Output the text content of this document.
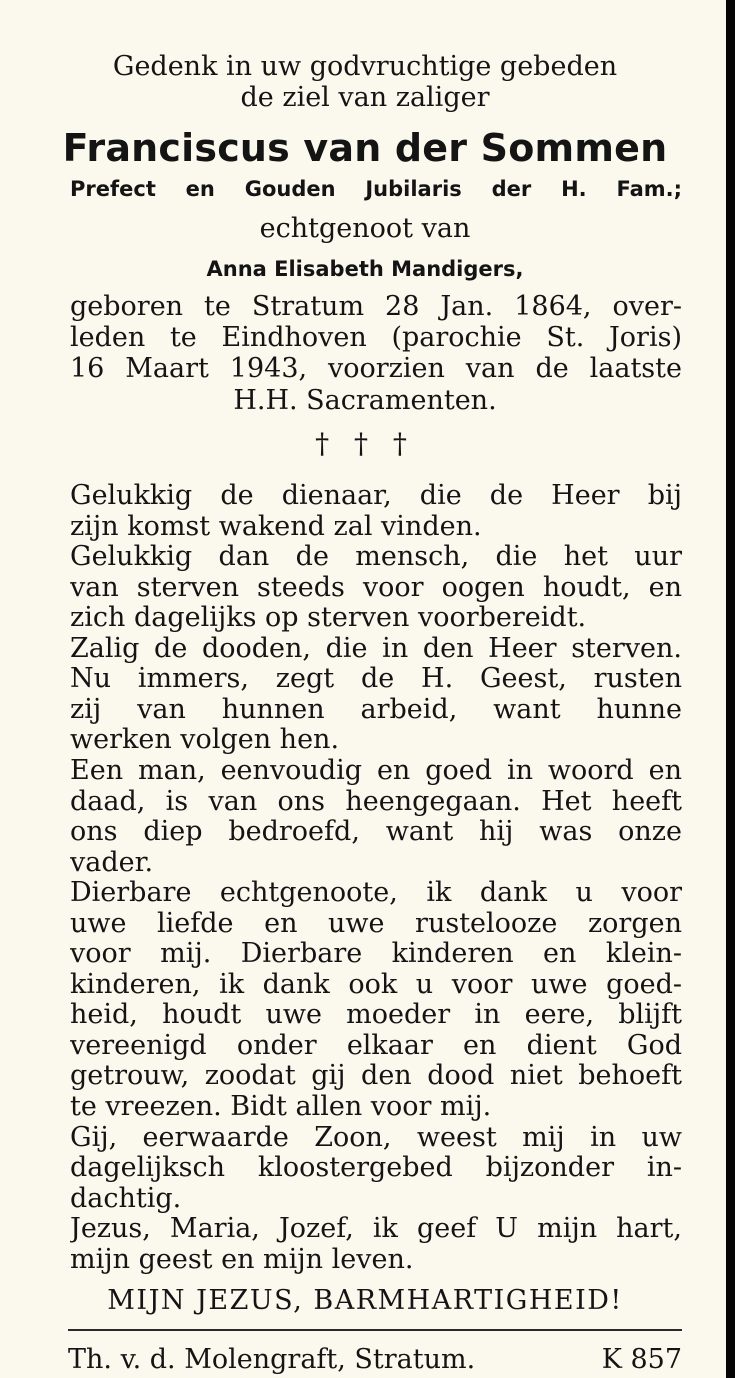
Gedenk in uw godvruchtige gebeden
de ziel van zaliger
Franciscus van der Sommen
Prefect en Gouden Jubilaris der H. Fam.;
echtgenoot van
Anna Elisabeth Mandigers,
geboren te Stratum 28 Jan. 1864, over-
leden te Eindhoven (parochie St. Joris)
16 Maart 1943, voorzien van de laatste
H.H. Sacramenten.
† † †
Gelukkig de dienaar, die de Heer bij
zijn komst wakend zal vinden.
Gelukkig dan de mensch, die het uur
van sterven steeds voor oogen houdt, en
zich dagelijks op sterven voorbereidt.
Zalig de dooden, die in den Heer sterven.
Nu immers, zegt de H. Geest, rusten
zij van hunnen arbeid, want hunne
werken volgen hen.
Een man, eenvoudig en goed in woord en
daad, is van ons heengegaan. Het heeft
ons diep bedroefd, want hij was onze
vader.
Dierbare echtgenoote, ik dank u voor
uwe liefde en uwe rustelooze zorgen
voor mij. Dierbare kinderen en klein-
kinderen, ik dank ook u voor uwe goed-
heid, houdt uwe moeder in eere, blijft
vereenigd onder elkaar en dient God
getrouw, zoodat gij den dood niet behoeft
te vreezen. Bidt allen voor mij.
Gij, eerwaarde Zoon, weest mij in uw
dagelijksch kloostergebed bijzonder in-
dachtig.
Jezus, Maria, Jozef, ik geef U mijn hart,
mijn geest en mijn leven.
MIJN JEZUS, BARMHARTIGHEID!
Th. v. d. Molengraft, Stratum.	K 857
